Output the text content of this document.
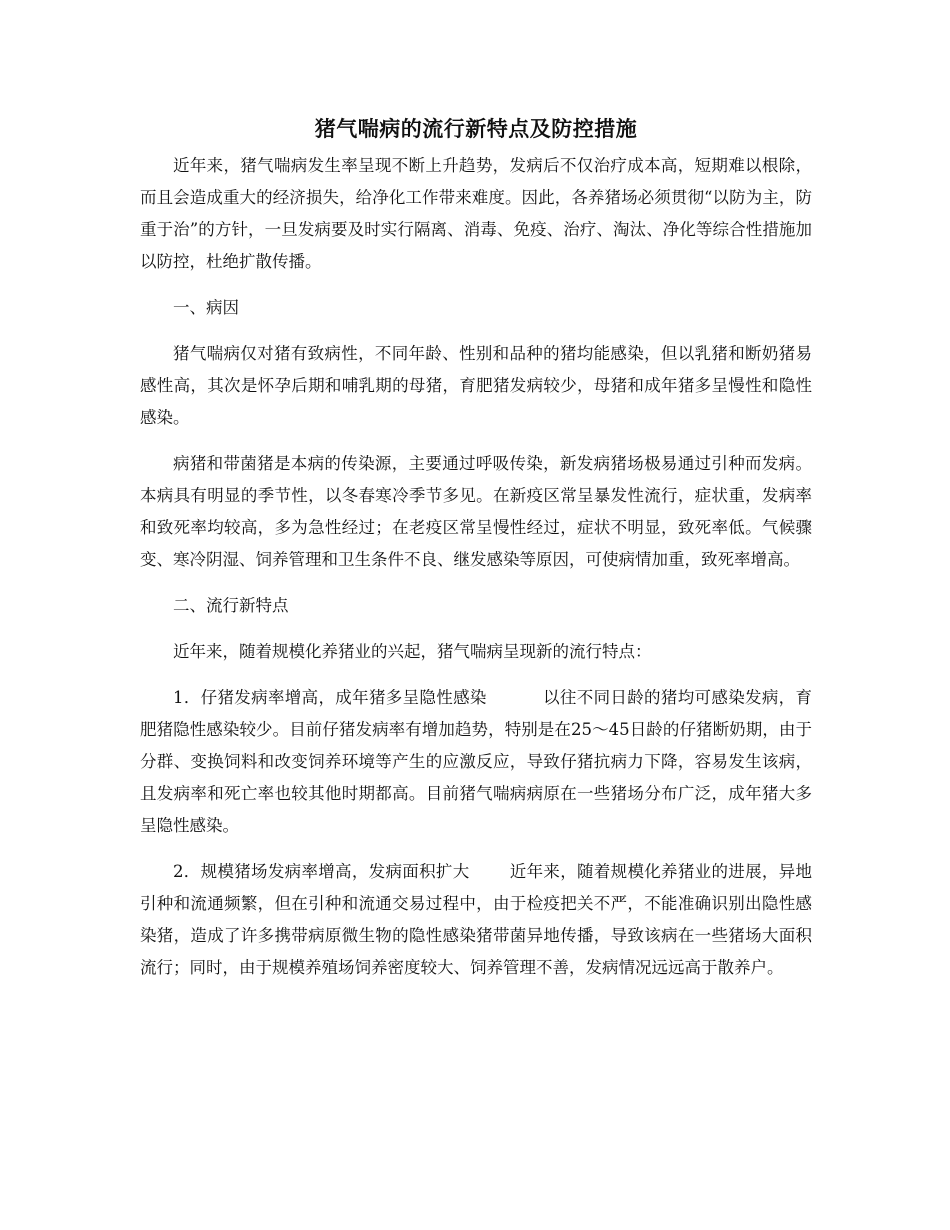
猪气喘病的流行新特点及防控措施

近年来，猪气喘病发生率呈现不断上升趋势，发病后不仅治疗成本高，短期难以根除，而且会造成重大的经济损失，给净化工作带来难度。因此，各养猪场必须贯彻“以防为主，防重于治”的方针，一旦发病要及时实行隔离、消毒、免疫、治疗、淘汰、净化等综合性措施加以防控，杜绝扩散传播。

一、病因

猪气喘病仅对猪有致病性，不同年龄、性别和品种的猪均能感染，但以乳猪和断奶猪易感性高，其次是怀孕后期和哺乳期的母猪，育肥猪发病较少，母猪和成年猪多呈慢性和隐性感染。

病猪和带菌猪是本病的传染源，主要通过呼吸传染，新发病猪场极易通过引种而发病。本病具有明显的季节性，以冬春寒冷季节多见。在新疫区常呈暴发性流行，症状重，发病率和致死率均较高，多为急性经过；在老疫区常呈慢性经过，症状不明显，致死率低。气候骤变、寒冷阴湿、饲养管理和卫生条件不良、继发感染等原因，可使病情加重，致死率增高。

二、流行新特点

近年来，随着规模化养猪业的兴起，猪气喘病呈现新的流行特点：

1．仔猪发病率增高，成年猪多呈隐性感染	以往不同日龄的猪均可感染发病，育肥猪隐性感染较少。目前仔猪发病率有增加趋势，特别是在25～45日龄的仔猪断奶期，由于分群、变换饲料和改变饲养环境等产生的应激反应，导致仔猪抗病力下降，容易发生该病，且发病率和死亡率也较其他时期都高。目前猪气喘病病原在一些猪场分布广泛，成年猪大多呈隐性感染。

2．规模猪场发病率增高，发病面积扩大 近年来，随着规模化养猪业的进展，异地引种和流通频繁，但在引种和流通交易过程中，由于检疫把关不严，不能准确识别出隐性感染猪，造成了许多携带病原微生物的隐性感染猪带菌异地传播，导致该病在一些猪场大面积流行；同时，由于规模养殖场饲养密度较大、饲养管理不善，发病情况远远高于散养户。
